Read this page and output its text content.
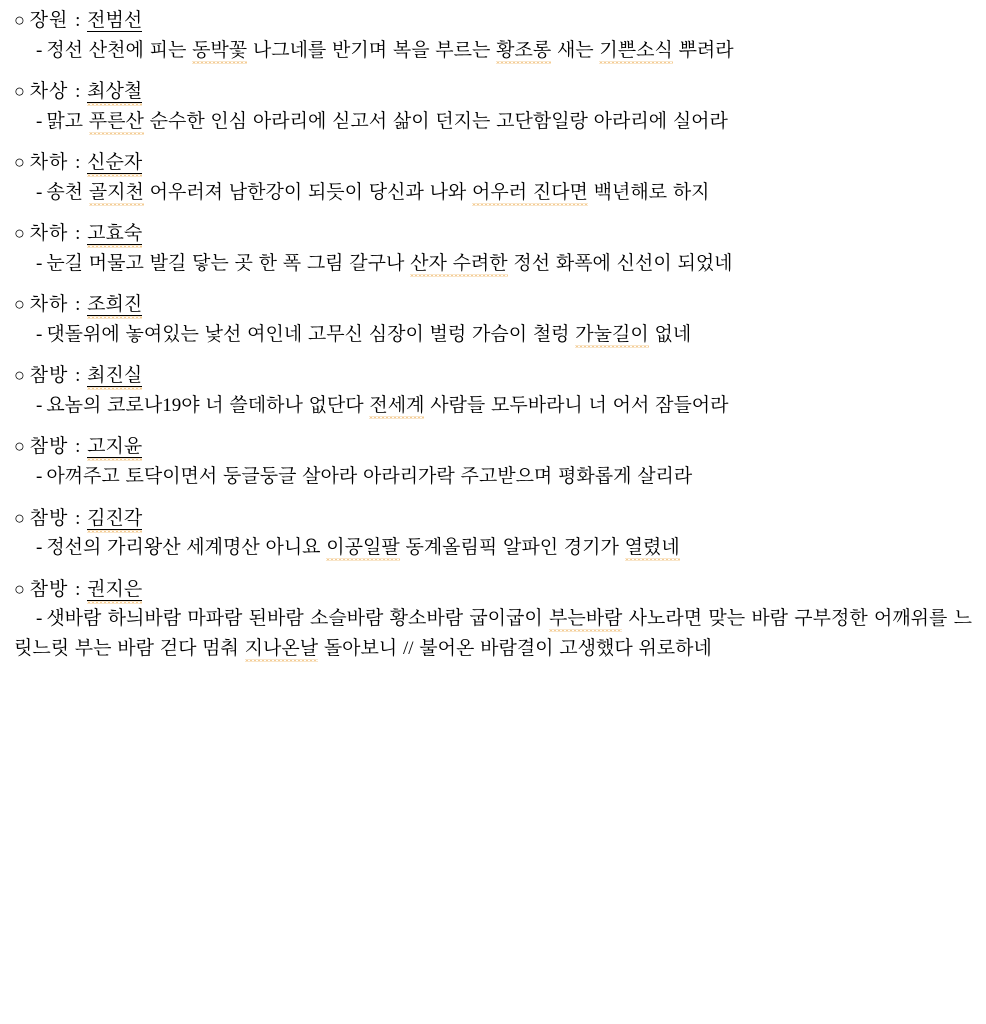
○ 장원 : 전범선
- 정선 산천에 피는 동박꽃 나그네를 반기며 복을 부르는 황조롱 새는 기쁜소식 뿌려라
○ 차상 : 최상철
- 맑고 푸른산 순수한 인심 아라리에 싣고서 삶이 던지는 고단함일랑 아라리에 실어라
○ 차하 : 신순자
- 송천 골지천 어우러져 남한강이 되듯이 당신과 나와 어우러 진다면 백년해로 하지
○ 차하 : 고효숙
- 눈길 머물고 발길 닿는 곳 한 폭 그림 갈구나 산자 수려한 정선 화폭에 신선이 되었네
○ 차하 : 조희진
- 댓돌위에 놓여있는 낯선 여인네 고무신 심장이 벌렁 가슴이 철렁 가눌길이 없네
○ 참방 : 최진실
- 요놈의 코로나19야 너 쓸데하나 없단다 전세계 사람들 모두바라니 너 어서 잠들어라
○ 참방 : 고지윤
- 아껴주고 토닥이면서 둥글둥글 살아라 아라리가락 주고받으며 평화롭게 살리라
○ 참방 : 김진각
- 정선의 가리왕산 세계명산 아니요 이공일팔 동계올림픽 알파인 경기가 열렸네
○ 참방 : 권지은
- 샛바람 하늬바람 마파람 된바람 소슬바람 황소바람 굽이굽이 부는바람 사노라면 맞는 바람 구부정한 어깨위를 느릿느릿 부는 바람 걷다 멈춰 지나온날 돌아보니 // 불어온 바람결이 고생했다 위로하네
